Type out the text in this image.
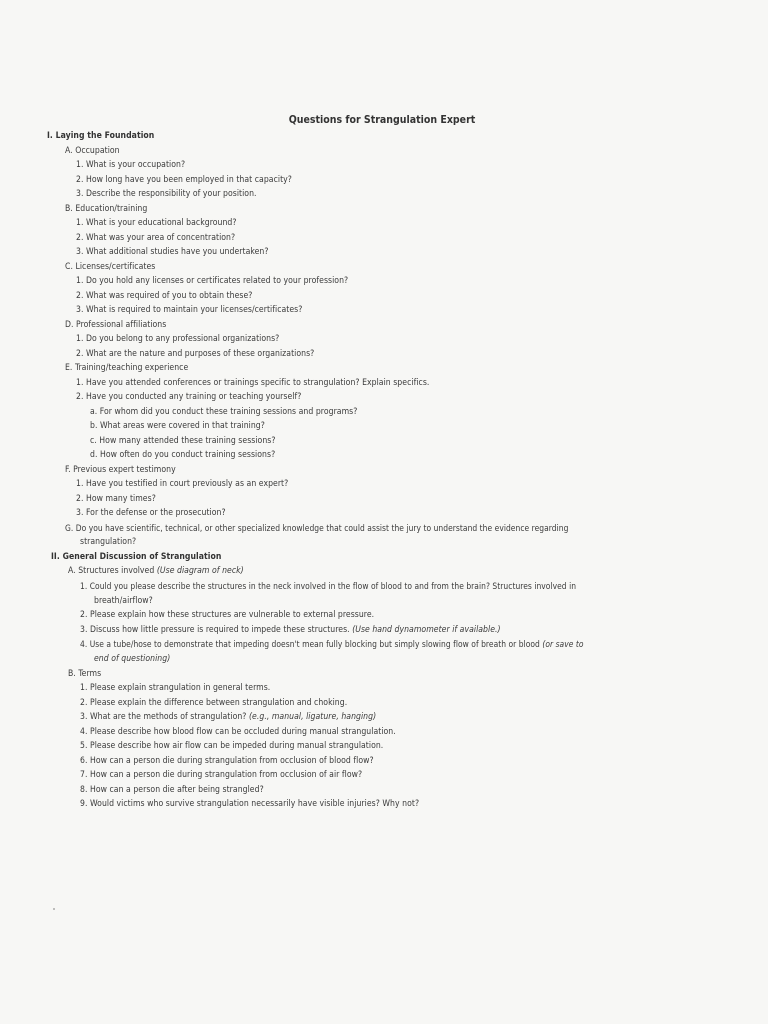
Questions for Strangulation Expert
I. Laying the Foundation
A. Occupation
1. What is your occupation?
2. How long have you been employed in that capacity?
3. Describe the responsibility of your position.
B. Education/training
1. What is your educational background?
2. What was your area of concentration?
3. What additional studies have you undertaken?
C. Licenses/certificates
1. Do you hold any licenses or certificates related to your profession?
2. What was required of you to obtain these?
3. What is required to maintain your licenses/certificates?
D. Professional affiliations
1. Do you belong to any professional organizations?
2. What are the nature and purposes of these organizations?
E. Training/teaching experience
1. Have you attended conferences or trainings specific to strangulation? Explain specifics.
2. Have you conducted any training or teaching yourself?
a. For whom did you conduct these training sessions and programs?
b. What areas were covered in that training?
c. How many attended these training sessions?
d. How often do you conduct training sessions?
F. Previous expert testimony
1. Have you testified in court previously as an expert?
2. How many times?
3. For the defense or the prosecution?
G. Do you have scientific, technical, or other specialized knowledge that could assist the jury to understand the evidence regarding
strangulation?
II. General Discussion of Strangulation
A. Structures involved (Use diagram of neck)
1. Could you please describe the structures in the neck involved in the flow of blood to and from the brain? Structures involved in
breath/airflow?
2. Please explain how these structures are vulnerable to external pressure.
3. Discuss how little pressure is required to impede these structures. (Use hand dynamometer if available.)
4. Use a tube/hose to demonstrate that impeding doesn't mean fully blocking but simply slowing flow of breath or blood (or save to
end of questioning)
B. Terms
1. Please explain strangulation in general terms.
2. Please explain the difference between strangulation and choking.
3. What are the methods of strangulation? (e.g., manual, ligature, hanging)
4. Please describe how blood flow can be occluded during manual strangulation.
5. Please describe how air flow can be impeded during manual strangulation.
6. How can a person die during strangulation from occlusion of blood flow?
7. How can a person die during strangulation from occlusion of air flow?
8. How can a person die after being strangled?
9. Would victims who survive strangulation necessarily have visible injuries? Why not?
